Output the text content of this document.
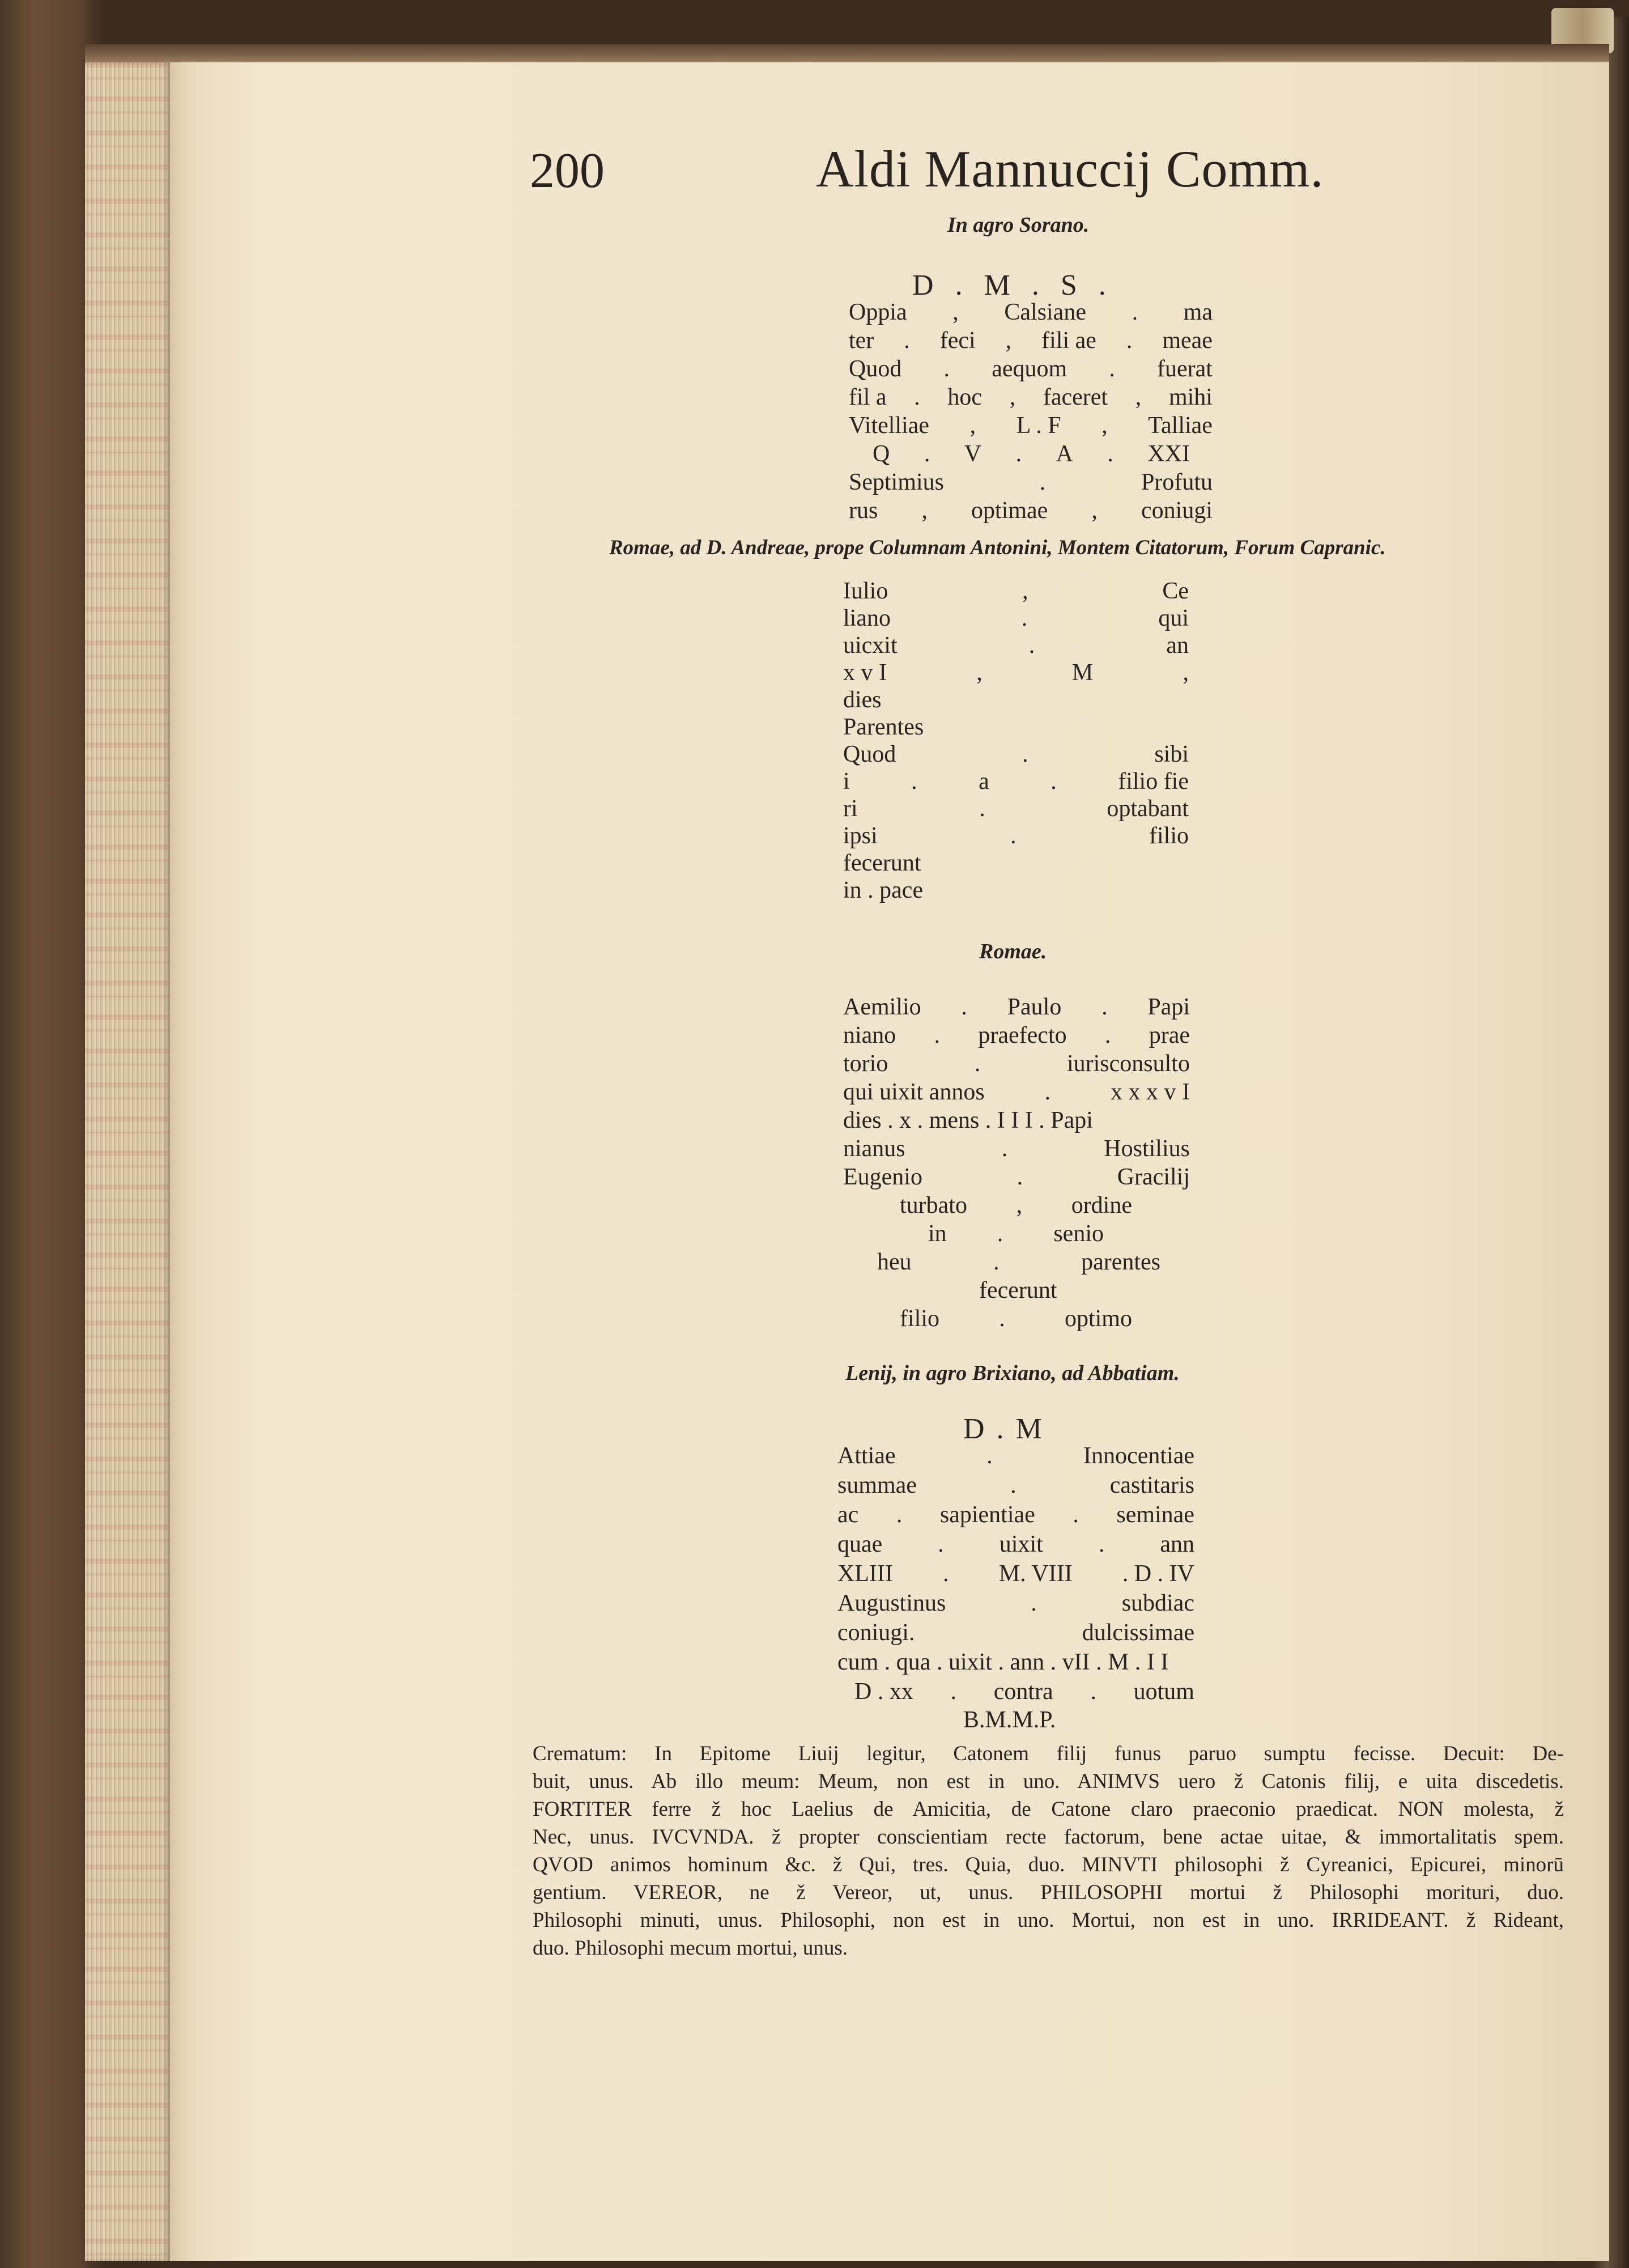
200	Aldi Mannuccij Comm.
In agro Sorano.
D  .  M  .  S  .
Oppia , Calsiane . ma
ter . feci , fili ae . meae
Quod . aequom . fuerat
fil a . hoc , faceret , mihi
Vitelliae , L . F , Talliae
Q . V . A . XXI
Septimius	.	Profutu
rus , optimae , coniugi
Romae, ad D. Andreae, prope Columnam Antonini, Montem Citatorum, Forum Capranic.
Iulio	,	Ce
liano	.	qui
uicxit	.	an
x v I	,	M	,
dies
Parentes
Quod	.	sibi
i	.	a	.	filio fie
ri	.	optabant
ipsi	.	filio
fecerunt
in . pace
Romae.
Aemilio . Paulo . Papi
niano . praefecto . prae
torio	.	iurisconsulto
qui uixit annos	.	x x x v I
dies . x . mens . I I I . Papi
nianus	.	Hostilius
Eugenio	.	Gracilij
turbato , ordine
in . senio
heu	.	parentes
fecerunt
filio	.	optimo
Lenij, in agro Brixiano, ad Abbatiam.
D . M
Attiae	.	Innocentiae
summae	.	castitaris
ac . sapientiae . seminae
quae . uixit . ann
XLIII . M. VIII . D . IV
Augustinus	.	subdiac
coniugi.	dulcissimae
cum . qua . uixit . ann . vII . M . I I
D . xx . contra . uotum
B.M.M.P.
Crematum: In Epitome Liuij legitur, Catonem filij funus paruo sumptu fecisse. Decuit: De-
buit, unus. Ab illo meum: Meum, non est in uno. ANIMVS uero ž Catonis filij, e uita discedetis.
FORTITER ferre ž hoc Laelius de Amicitia, de Catone claro praeconio praedicat. NON molesta, ž
Nec, unus. IVCVNDA. ž propter conscientiam recte factorum, bene actae uitae, & immortalitatis spem.
QVOD animos hominum &c. ž Qui, tres. Quia, duo. MINVTI philosophi ž Cyreanici, Epicurei, minorū
gentium. VEREOR, ne ž Vereor, ut, unus. PHILOSOPHI mortui ž Philosophi morituri, duo.
Philosophi minuti, unus. Philosophi, non est in uno. Mortui, non est in uno. IRRIDEANT. ž Rideant,
duo. Philosophi mecum mortui, unus.
